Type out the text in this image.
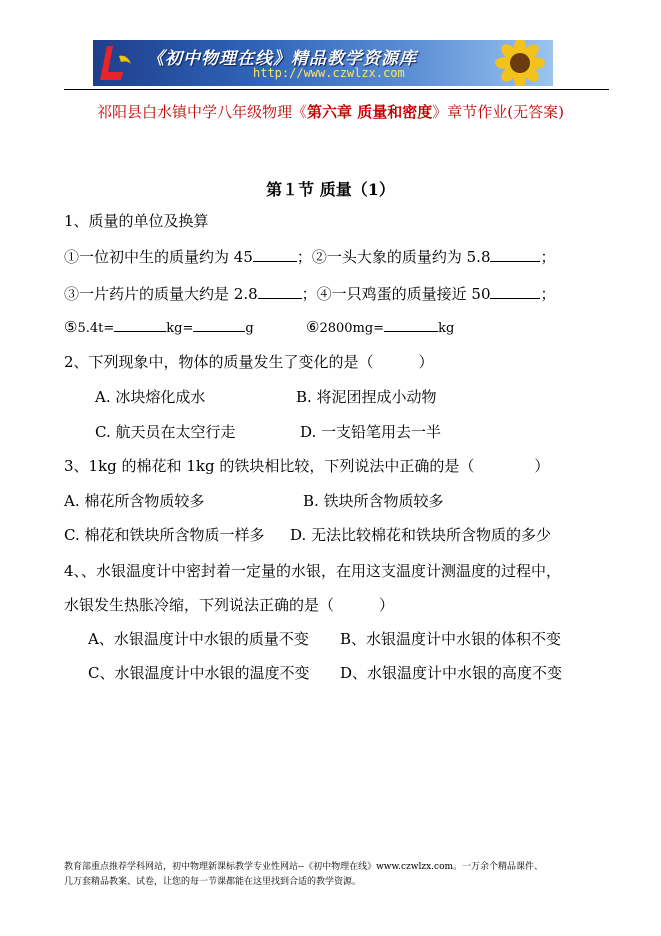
《初中物理在线》精品教学资源库
http://www.czwlzx.com
祁阳县白水镇中学八年级物理《第六章 质量和密度》章节作业(无答案)
第１节 质量（1）
1、质量的单位及换算
①一位初中生的质量约为 45	；②一头大象的质量约为 5.8	；
③一片药片的质量大约是 2.8	；④一只鸡蛋的质量接近 50	；
⑤5.4t=	kg=	g	⑥2800mg=	kg
2、下列现象中，物体的质量发生了变化的是（　　　）
A. 冰块熔化成水	B. 将泥团捏成小动物
C. 航天员在太空行走	D. 一支铅笔用去一半
3、1kg 的棉花和 1kg 的铁块相比较，下列说法中正确的是（　　　　）
A. 棉花所含物质较多	B. 铁块所含物质较多
C. 棉花和铁块所含物质一样多 D. 无法比较棉花和铁块所含物质的多少
4、、水银温度计中密封着一定量的水银，在用这支温度计测温度的过程中，
水银发生热胀冷缩，下列说法正确的是（　　　）
A、水银温度计中水银的质量不变 B、水银温度计中水银的体积不变
C、水银温度计中水银的温度不变 D、水银温度计中水银的高度不变
教育部重点推荐学科网站，初中物理新课标教学专业性网站--《初中物理在线》www.czwlzx.com。一万余个精品课件、
几万套精品教案、试卷，让您的每一节课都能在这里找到合适的教学资源。
